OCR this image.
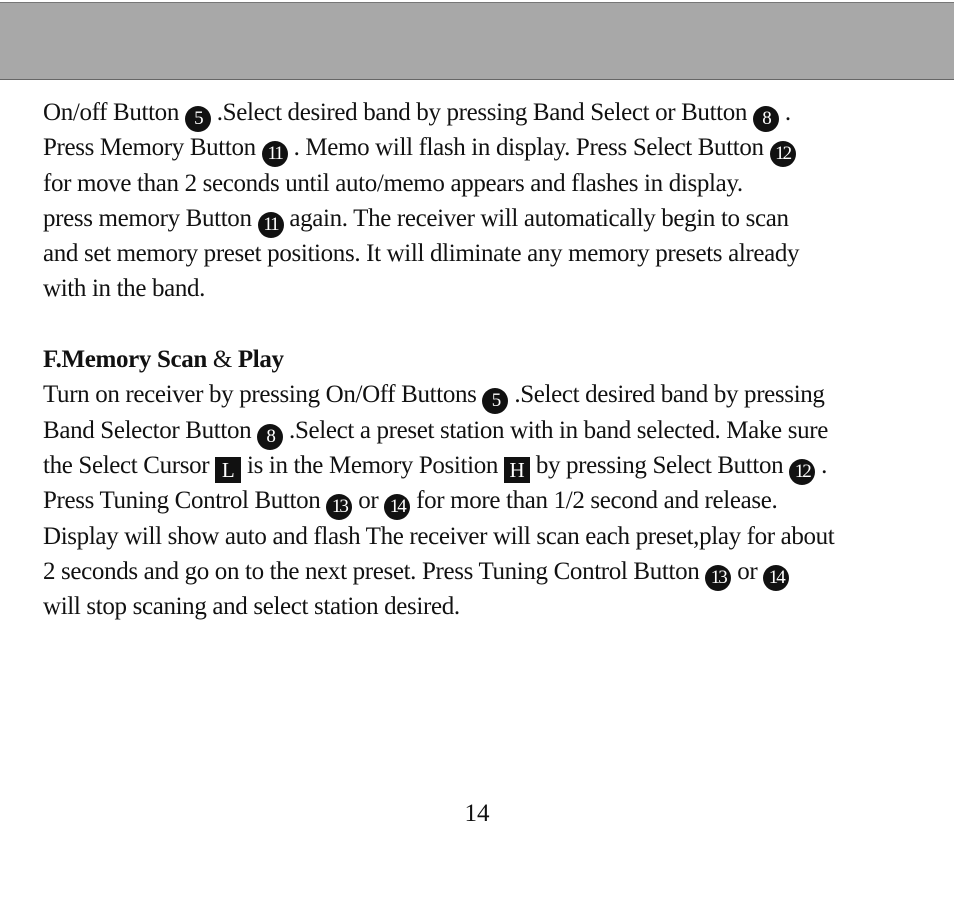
On/off Button 5 .Select desired band by pressing Band Select or Button 8 .
Press Memory Button 11 . Memo will flash in display. Press Select Button 12
for move than 2 seconds until auto/memo appears and flashes in display.
press memory Button 11 again. The receiver will automatically begin to scan
and set memory preset positions. It will dliminate any memory presets already
with in the band.
F.Memory Scan & Play
Turn on receiver by pressing On/Off Buttons 5 .Select desired band by pressing
Band Selector Button 8 .Select a preset station with in band selected. Make sure
the Select Cursor L is in the Memory Position H by pressing Select Button 12 .
Press Tuning Control Button 13 or 14 for more than 1/2 second and release.
Display will show auto and flash The receiver will scan each preset,play for about
2 seconds and go on to the next preset. Press Tuning Control Button 13 or 14
will stop scaning and select station desired.
14
